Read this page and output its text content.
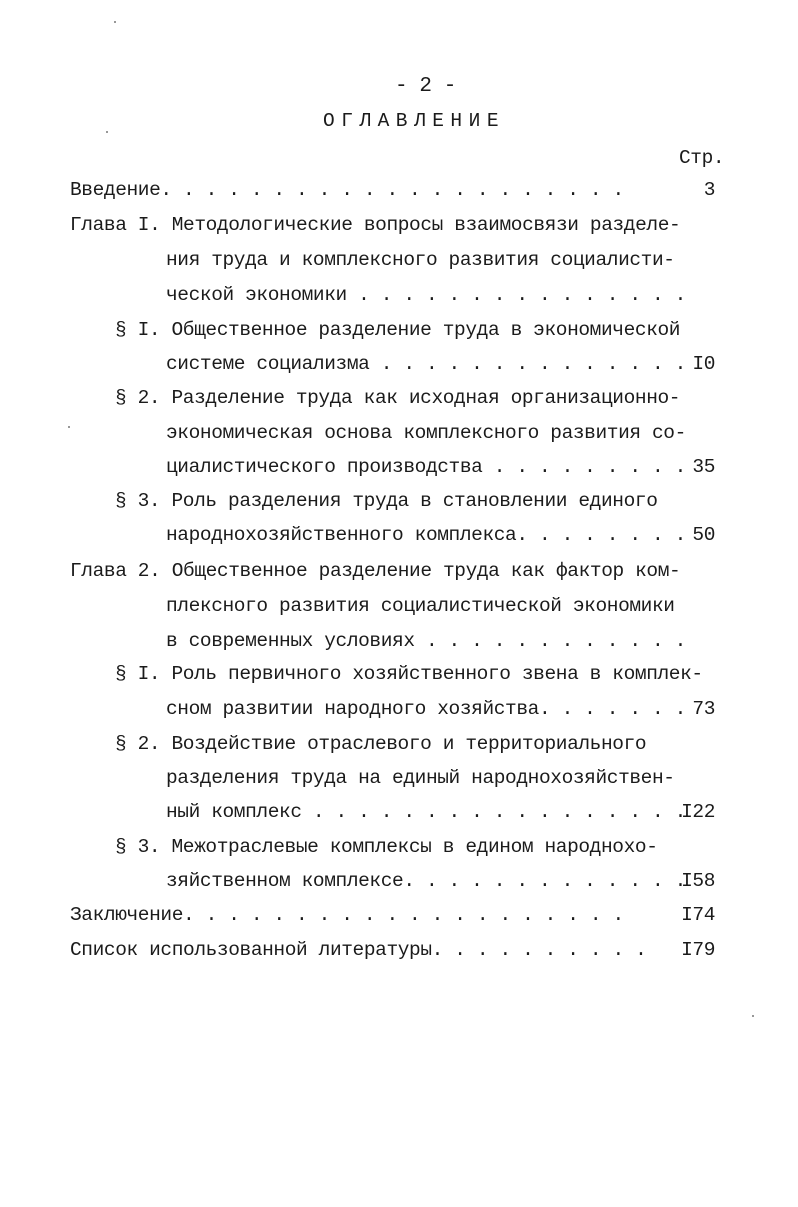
- 2 -
ОГЛАВЛЕНИЕ
Стр.
Введение. . . . . . . . . . . . . . . . . . . . .
Глава I. Методологические вопросы взаимосвязи разделе-
ния труда и комплексного развития социалисти-
ческой экономики . . . . . . . . . . . . . . .
§ I. Общественное разделение труда в экономической
системе социализма . . . . . . . . . . . . . .
§ 2. Разделение труда как исходная организационно-
экономическая основа комплексного развития со-
циалистического производства . . . . . . . . .
§ 3. Роль разделения труда в становлении единого
народнохозяйственного комплекса. . . . . . . .
Глава 2. Общественное разделение труда как фактор ком-
плексного развития социалистической экономики
в современных условиях . . . . . . . . . . . .
§ I. Роль первичного хозяйственного звена в комплек-
сном развитии народного хозяйства. . . . . . .
§ 2. Воздействие отраслевого и территориального
разделения труда на единый народнохозяйствен-
ный комплекс . . . . . . . . . . . . . . . . .
§ 3. Межотраслевые комплексы в едином народнохо-
зяйственном комплексе. . . . . . . . . . . . .
Заключение. . . . . . . . . . . . . . . . . . . .
Список использованной литературы. . . . . . . . . .
3
I0
35
50
73
I22
I58
I74
I79
